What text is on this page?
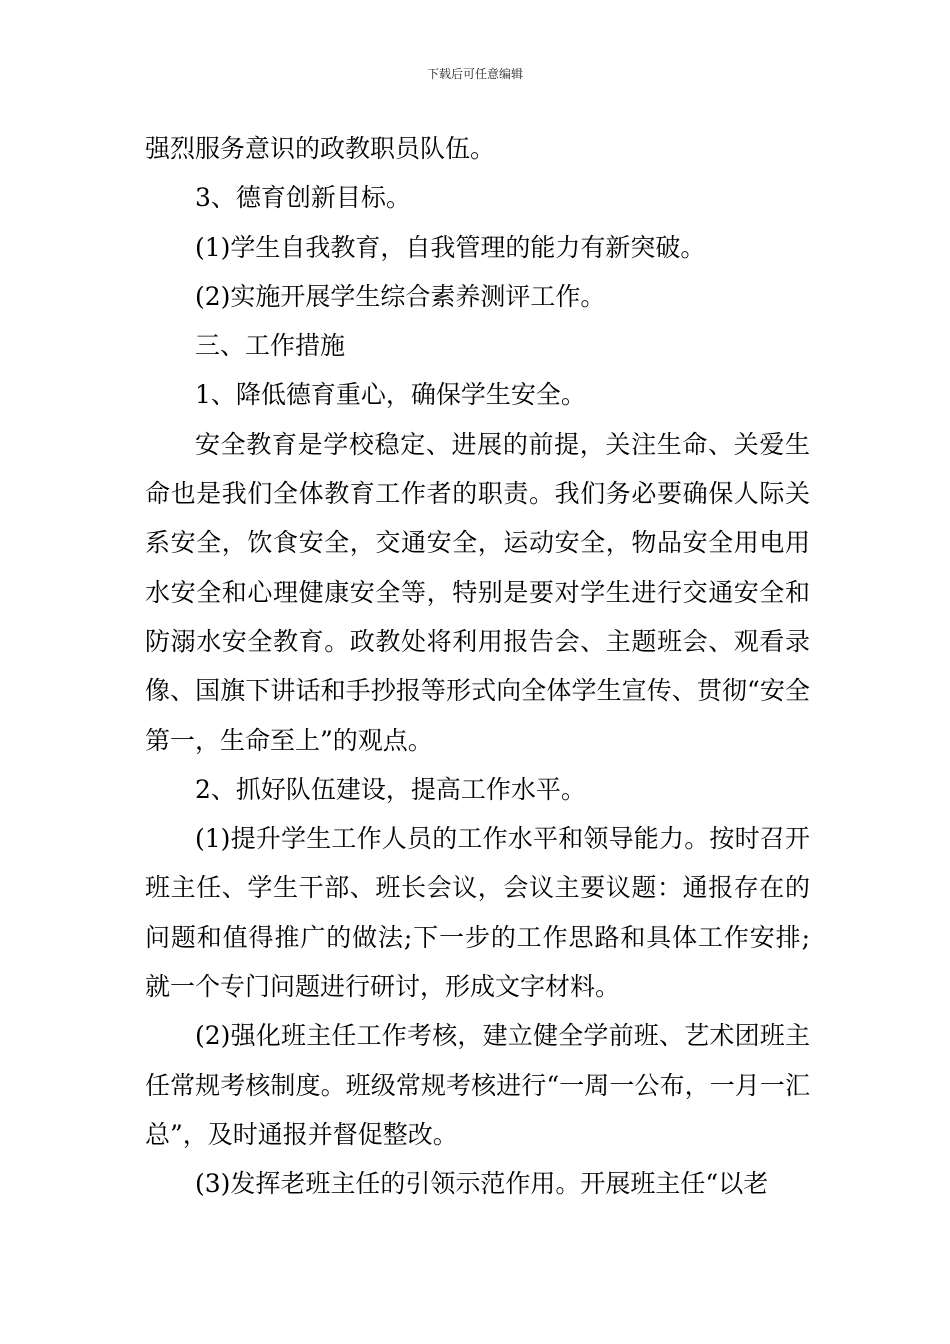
下载后可任意编辑

强烈服务意识的政教职员队伍。

3、德育创新目标。

(1)学生自我教育，自我管理的能力有新突破。

(2)实施开展学生综合素养测评工作。

三、工作措施

1、降低德育重心，确保学生安全。

安全教育是学校稳定、进展的前提，关注生命、关爱生命也是我们全体教育工作者的职责。我们务必要确保人际关系安全，饮食安全，交通安全，运动安全，物品安全用电用水安全和心理健康安全等，特别是要对学生进行交通安全和防溺水安全教育。政教处将利用报告会、主题班会、观看录像、国旗下讲话和手抄报等形式向全体学生宣传、贯彻“安全第一，生命至上”的观点。

2、抓好队伍建设，提高工作水平。

(1)提升学生工作人员的工作水平和领导能力。按时召开班主任、学生干部、班长会议，会议主要议题：通报存在的问题和值得推广的做法;下一步的工作思路和具体工作安排;就一个专门问题进行研讨，形成文字材料。

(2)强化班主任工作考核，建立健全学前班、艺术团班主任常规考核制度。班级常规考核进行“一周一公布，一月一汇总”，及时通报并督促整改。

(3)发挥老班主任的引领示范作用。开展班主任“以老
